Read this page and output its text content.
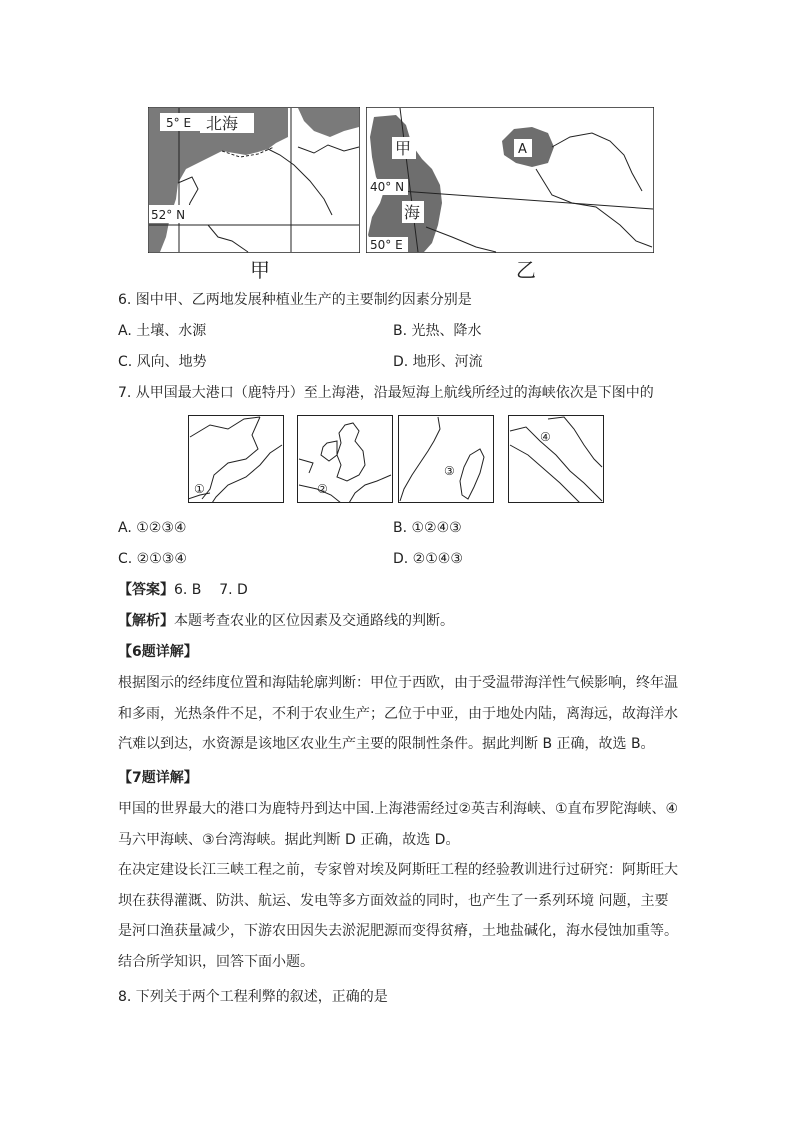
5° E 北海
52° N
甲
甲	A
40° N
海
50° E
乙
6. 图中甲、乙两地发展种植业生产的主要制约因素分别是
A. 土壤、水源	B. 光热、降水
C. 风向、地势	D. 地形、河流
7. 从甲国最大港口（鹿特丹）至上海港，沿最短海上航线所经过的海峡依次是下图中的
①	②
③
④
A. ①②③④	B. ①②④③
C. ②①③④	D. ②①④③
【答案】6. B    7. D
【解析】本题考查农业的区位因素及交通路线的判断。
【6题详解】
根据图示的经纬度位置和海陆轮廓判断：甲位于西欧，由于受温带海洋性气候影响，终年温和多雨，光热条件不足，不利于农业生产；乙位于中亚，由于地处内陆，离海远，故海洋水汽难以到达，水资源是该地区农业生产主要的限制性条件。据此判断 B 正确，故选 B。
【7题详解】
甲国的世界最大的港口为鹿特丹到达中国.上海港需经过②英吉利海峡、①直布罗陀海峡、④马六甲海峡、③台湾海峡。据此判断 D 正确，故选 D。
在决定建设长江三峡工程之前，专家曾对埃及阿斯旺工程的经验教训进行过研究：阿斯旺大坝在获得灌溉、防洪、航运、发电等多方面效益的同时，也产生了一系列环境 问题，主要是河口渔获量减少，下游农田因失去淤泥肥源而变得贫瘠，土地盐碱化，海水侵蚀加重等。结合所学知识，回答下面小题。
8. 下列关于两个工程利弊的叙述，正确的是
